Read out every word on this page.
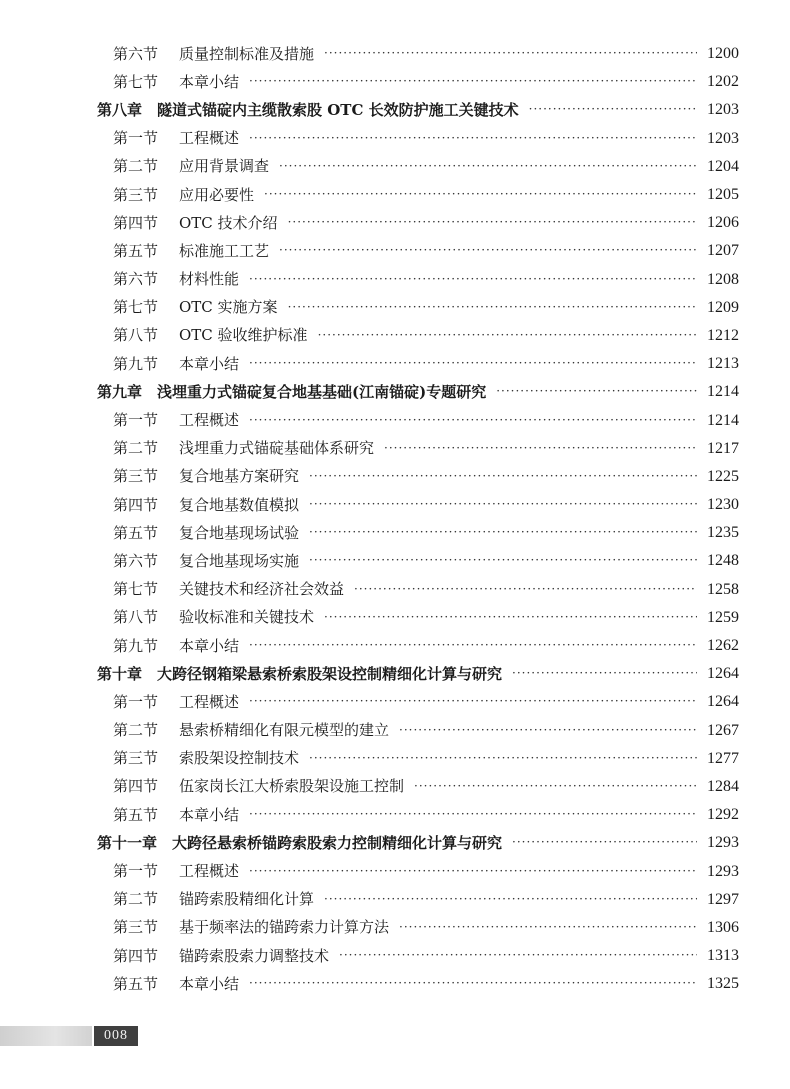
第六节	质量控制标准及措施 ·····	1200
第七节	本章小结 ·····	1202
第八章 隧道式锚碇内主缆散索股 OTC 长效防护施工关键技术 ·····	1203
第一节	工程概述 ·····	1203
第二节	应用背景调查 ·····	1204
第三节	应用必要性 ·····	1205
第四节	OTC 技术介绍 ·····	1206
第五节	标准施工工艺 ·····	1207
第六节	材料性能 ·····	1208
第七节	OTC 实施方案 ·····	1209
第八节	OTC 验收维护标准 ·····	1212
第九节	本章小结 ·····	1213
第九章 浅埋重力式锚碇复合地基基础(江南锚碇)专题研究 ·····	1214
第一节	工程概述 ·····	1214
第二节	浅埋重力式锚碇基础体系研究 ·····	1217
第三节	复合地基方案研究 ·····	1225
第四节	复合地基数值模拟 ·····	1230
第五节	复合地基现场试验 ·····	1235
第六节	复合地基现场实施 ·····	1248
第七节	关键技术和经济社会效益 ·····	1258
第八节	验收标准和关键技术 ·····	1259
第九节	本章小结 ·····	1262
第十章 大跨径钢箱梁悬索桥索股架设控制精细化计算与研究 ·····	1264
第一节	工程概述 ·····	1264
第二节	悬索桥精细化有限元模型的建立 ·····	1267
第三节	索股架设控制技术 ·····	1277
第四节	伍家岗长江大桥索股架设施工控制 ·····	1284
第五节	本章小结 ·····	1292
第十一章 大跨径悬索桥锚跨索股索力控制精细化计算与研究 ·····	1293
第一节	工程概述 ·····	1293
第二节	锚跨索股精细化计算 ·····	1297
第三节	基于频率法的锚跨索力计算方法 ·····	1306
第四节	锚跨索股索力调整技术 ·····	1313
第五节	本章小结 ·····	1325
008
